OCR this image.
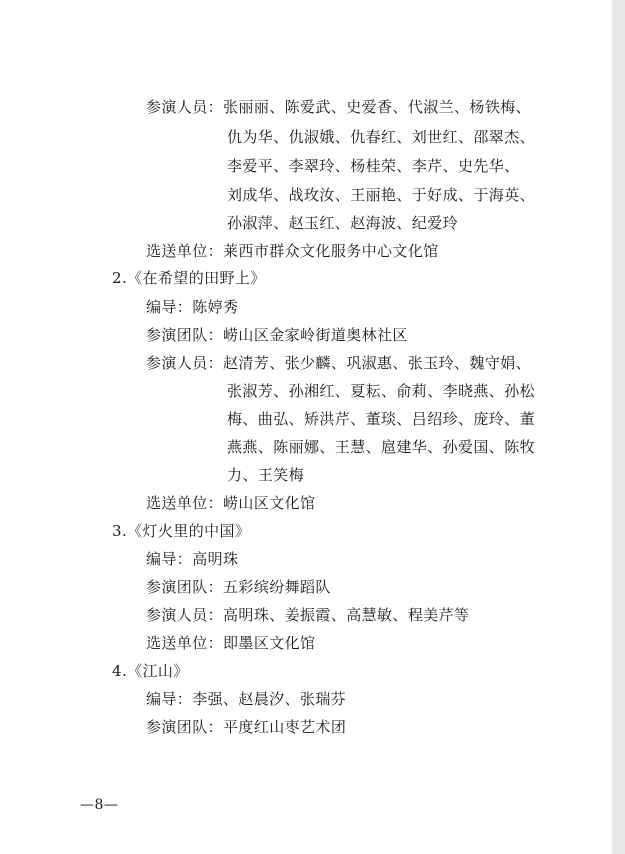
参演人员：张丽丽、陈爱武、史爱香、代淑兰、杨铁梅、
仇为华、仇淑娥、仇春红、刘世红、邵翠杰、
李爱平、李翠玲、杨桂荣、李芹、史先华、
刘成华、战玫汝、王丽艳、于好成、于海英、
孙淑萍、赵玉红、赵海波、纪爱玲
选送单位：莱西市群众文化服务中心文化馆
2.《在希望的田野上》
编导：陈婷秀
参演团队：崂山区金家岭街道奥林社区
参演人员：赵清芳、张少麟、巩淑惠、张玉玲、魏守娟、
张淑芳、孙湘红、夏耘、俞莉、李晓燕、孙松
梅、曲弘、矫洪芹、董琰、吕绍珍、庞玲、董
燕燕、陈丽娜、王慧、扈建华、孙爱国、陈牧
力、王笑梅
选送单位：崂山区文化馆
3.《灯火里的中国》
编导：高明珠
参演团队：五彩缤纷舞蹈队
参演人员：高明珠、姜振霞、高慧敏、程美芹等
选送单位：即墨区文化馆
4.《江山》
编导：李强、赵晨汐、张瑞芬
参演团队：平度红山枣艺术团
—8—
